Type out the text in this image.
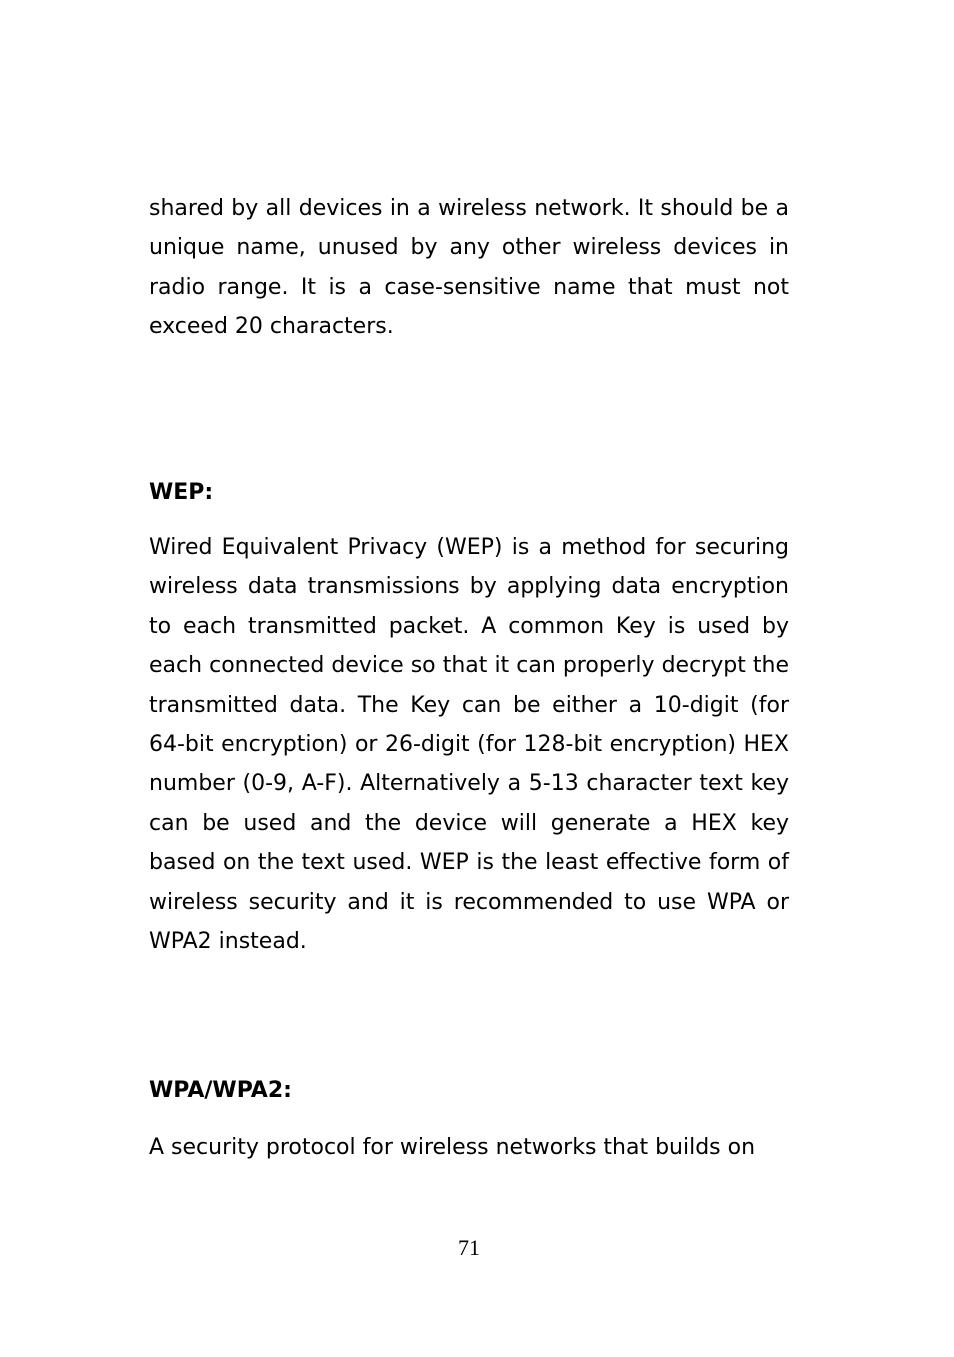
shared by all devices in a wireless network. It should be a unique name, unused by any other wireless devices in radio range. It is a case-sensitive name that must not exceed 20 characters.

WEP:

Wired Equivalent Privacy (WEP) is a method for securing wireless data transmissions by applying data encryption to each transmitted packet. A common Key is used by each connected device so that it can properly decrypt the transmitted data. The Key can be either a 10-digit (for 64-bit encryption) or 26-digit (for 128-bit encryption) HEX number (0-9, A-F). Alternatively a 5-13 character text key can be used and the device will generate a HEX key based on the text used. WEP is the least effective form of wireless security and it is recommended to use WPA or WPA2 instead.

WPA/WPA2:

A security protocol for wireless networks that builds on

71
